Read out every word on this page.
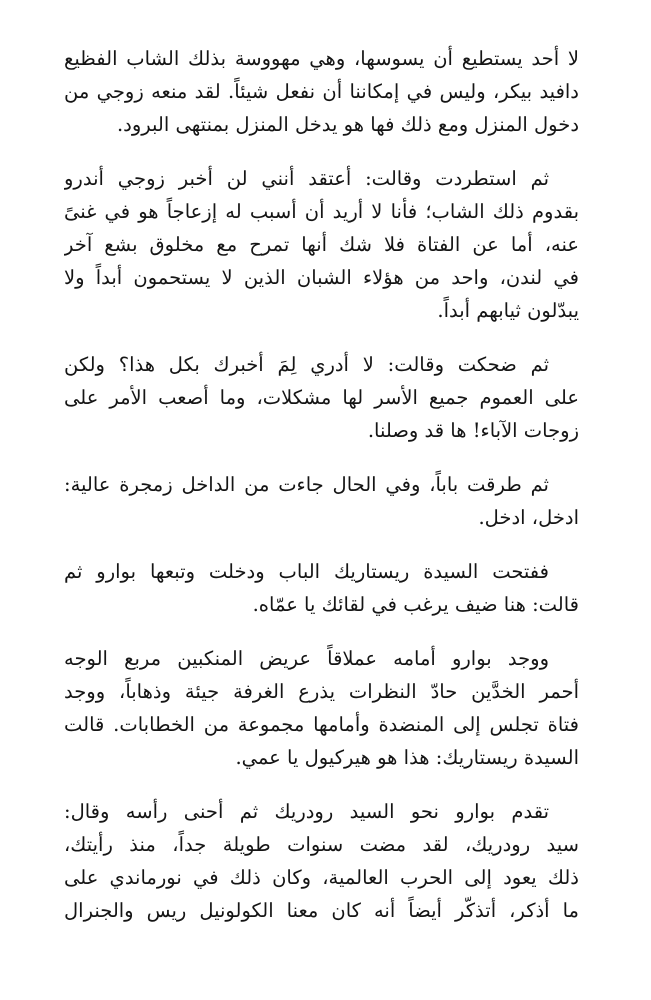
لا أحد يستطيع أن يسوسها، وهي مهووسة بذلك الشاب الفظيع
دافيد بيكر، وليس في إمكاننا أن نفعل شيئاً. لقد منعه زوجي من
دخول المنزل ومع ذلك فها هو يدخل المنزل بمنتهى البرود.

ثم استطردت وقالت: أعتقد أنني لن أخبر زوجي أندرو
بقدوم ذلك الشاب؛ فأنا لا أريد أن أسبب له إزعاجاً هو في غنىً
عنه، أما عن الفتاة فلا شك أنها تمرح مع مخلوق بشع آخر
في لندن، واحد من هؤلاء الشبان الذين لا يستحمون أبداً ولا
يبدّلون ثيابهم أبداً.

ثم ضحكت وقالت: لا أدري لِمَ أخبرك بكل هذا؟ ولكن
على العموم جميع الأسر لها مشكلات، وما أصعب الأمر على
زوجات الآباء! ها قد وصلنا.

ثم طرقت باباً، وفي الحال جاءت من الداخل زمجرة عالية:
ادخل، ادخل.

ففتحت السيدة ريستاريك الباب ودخلت وتبعها بوارو ثم
قالت: هنا ضيف يرغب في لقائك يا عمّاه.

ووجد بوارو أمامه عملاقاً عريض المنكبين مربع الوجه
أحمر الخدَّين حادّ النظرات يذرع الغرفة جيئة وذهاباً، ووجد
فتاة تجلس إلى المنضدة وأمامها مجموعة من الخطابات. قالت
السيدة ريستاريك: هذا هو هيركيول يا عمي.

تقدم بوارو نحو السيد رودريك ثم أحنى رأسه وقال:
سيد رودريك، لقد مضت سنوات طويلة جداً، منذ رأيتك،
ذلك يعود إلى الحرب العالمية، وكان ذلك في نورماندي على
ما أذكر، أتذكّر أيضاً أنه كان معنا الكولونيل ريس والجنرال
